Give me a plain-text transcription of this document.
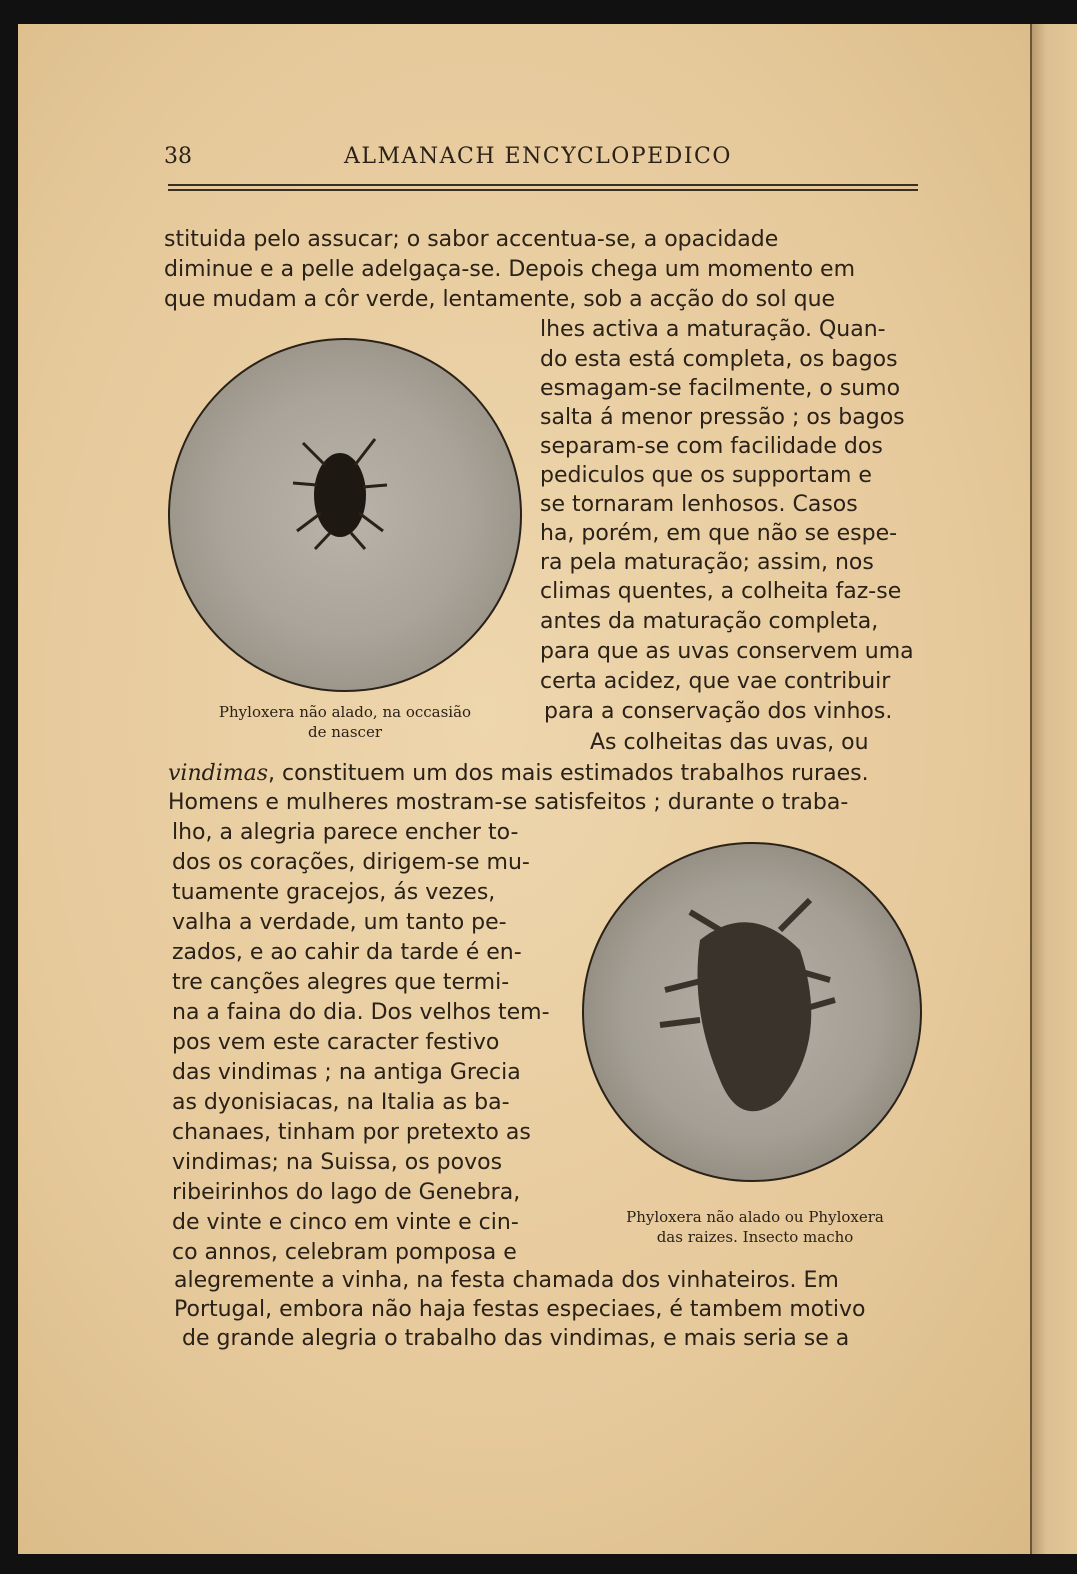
38	ALMANACH ENCYCLOPEDICO
Phyloxera não alado, na occasião
de nascer
Phyloxera não alado ou Phyloxera
das raizes. Insecto macho
stituida pelo assucar; o sabor accentua-se, a opacidade
diminue e a pelle adelgaça-se. Depois chega um momento em
que mudam a côr verde, lentamente, sob a acção do sol que
lhes activa a maturação. Quan-
do esta está completa, os bagos
esmagam-se facilmente, o sumo
salta á menor pressão ; os bagos
separam-se com facilidade dos
pediculos que os supportam e
se tornaram lenhosos. Casos
ha, porém, em que não se espe-
ra pela maturação; assim, nos
climas quentes, a colheita faz-se
antes da maturação completa,
para que as uvas conservem uma
certa acidez, que vae contribuir
para a conservação dos vinhos.
As colheitas das uvas, ou
vindimas, constituem um dos mais estimados trabalhos ruraes.
Homens e mulheres mostram-se satisfeitos ; durante o traba-
lho, a alegria parece encher to-
dos os corações, dirigem-se mu-
tuamente gracejos, ás vezes,
valha a verdade, um tanto pe-
zados, e ao cahir da tarde é en-
tre canções alegres que termi-
na a faina do dia. Dos velhos tem-
pos vem este caracter festivo
das vindimas ; na antiga Grecia
as dyonisiacas, na Italia as ba-
chanaes, tinham por pretexto as
vindimas; na Suissa, os povos
ribeirinhos do lago de Genebra,
de vinte e cinco em vinte e cin-
co annos, celebram pomposa e
alegremente a vinha, na festa chamada dos vinhateiros. Em
Portugal, embora não haja festas especiaes, é tambem motivo
de grande alegria o trabalho das vindimas, e mais seria se a
